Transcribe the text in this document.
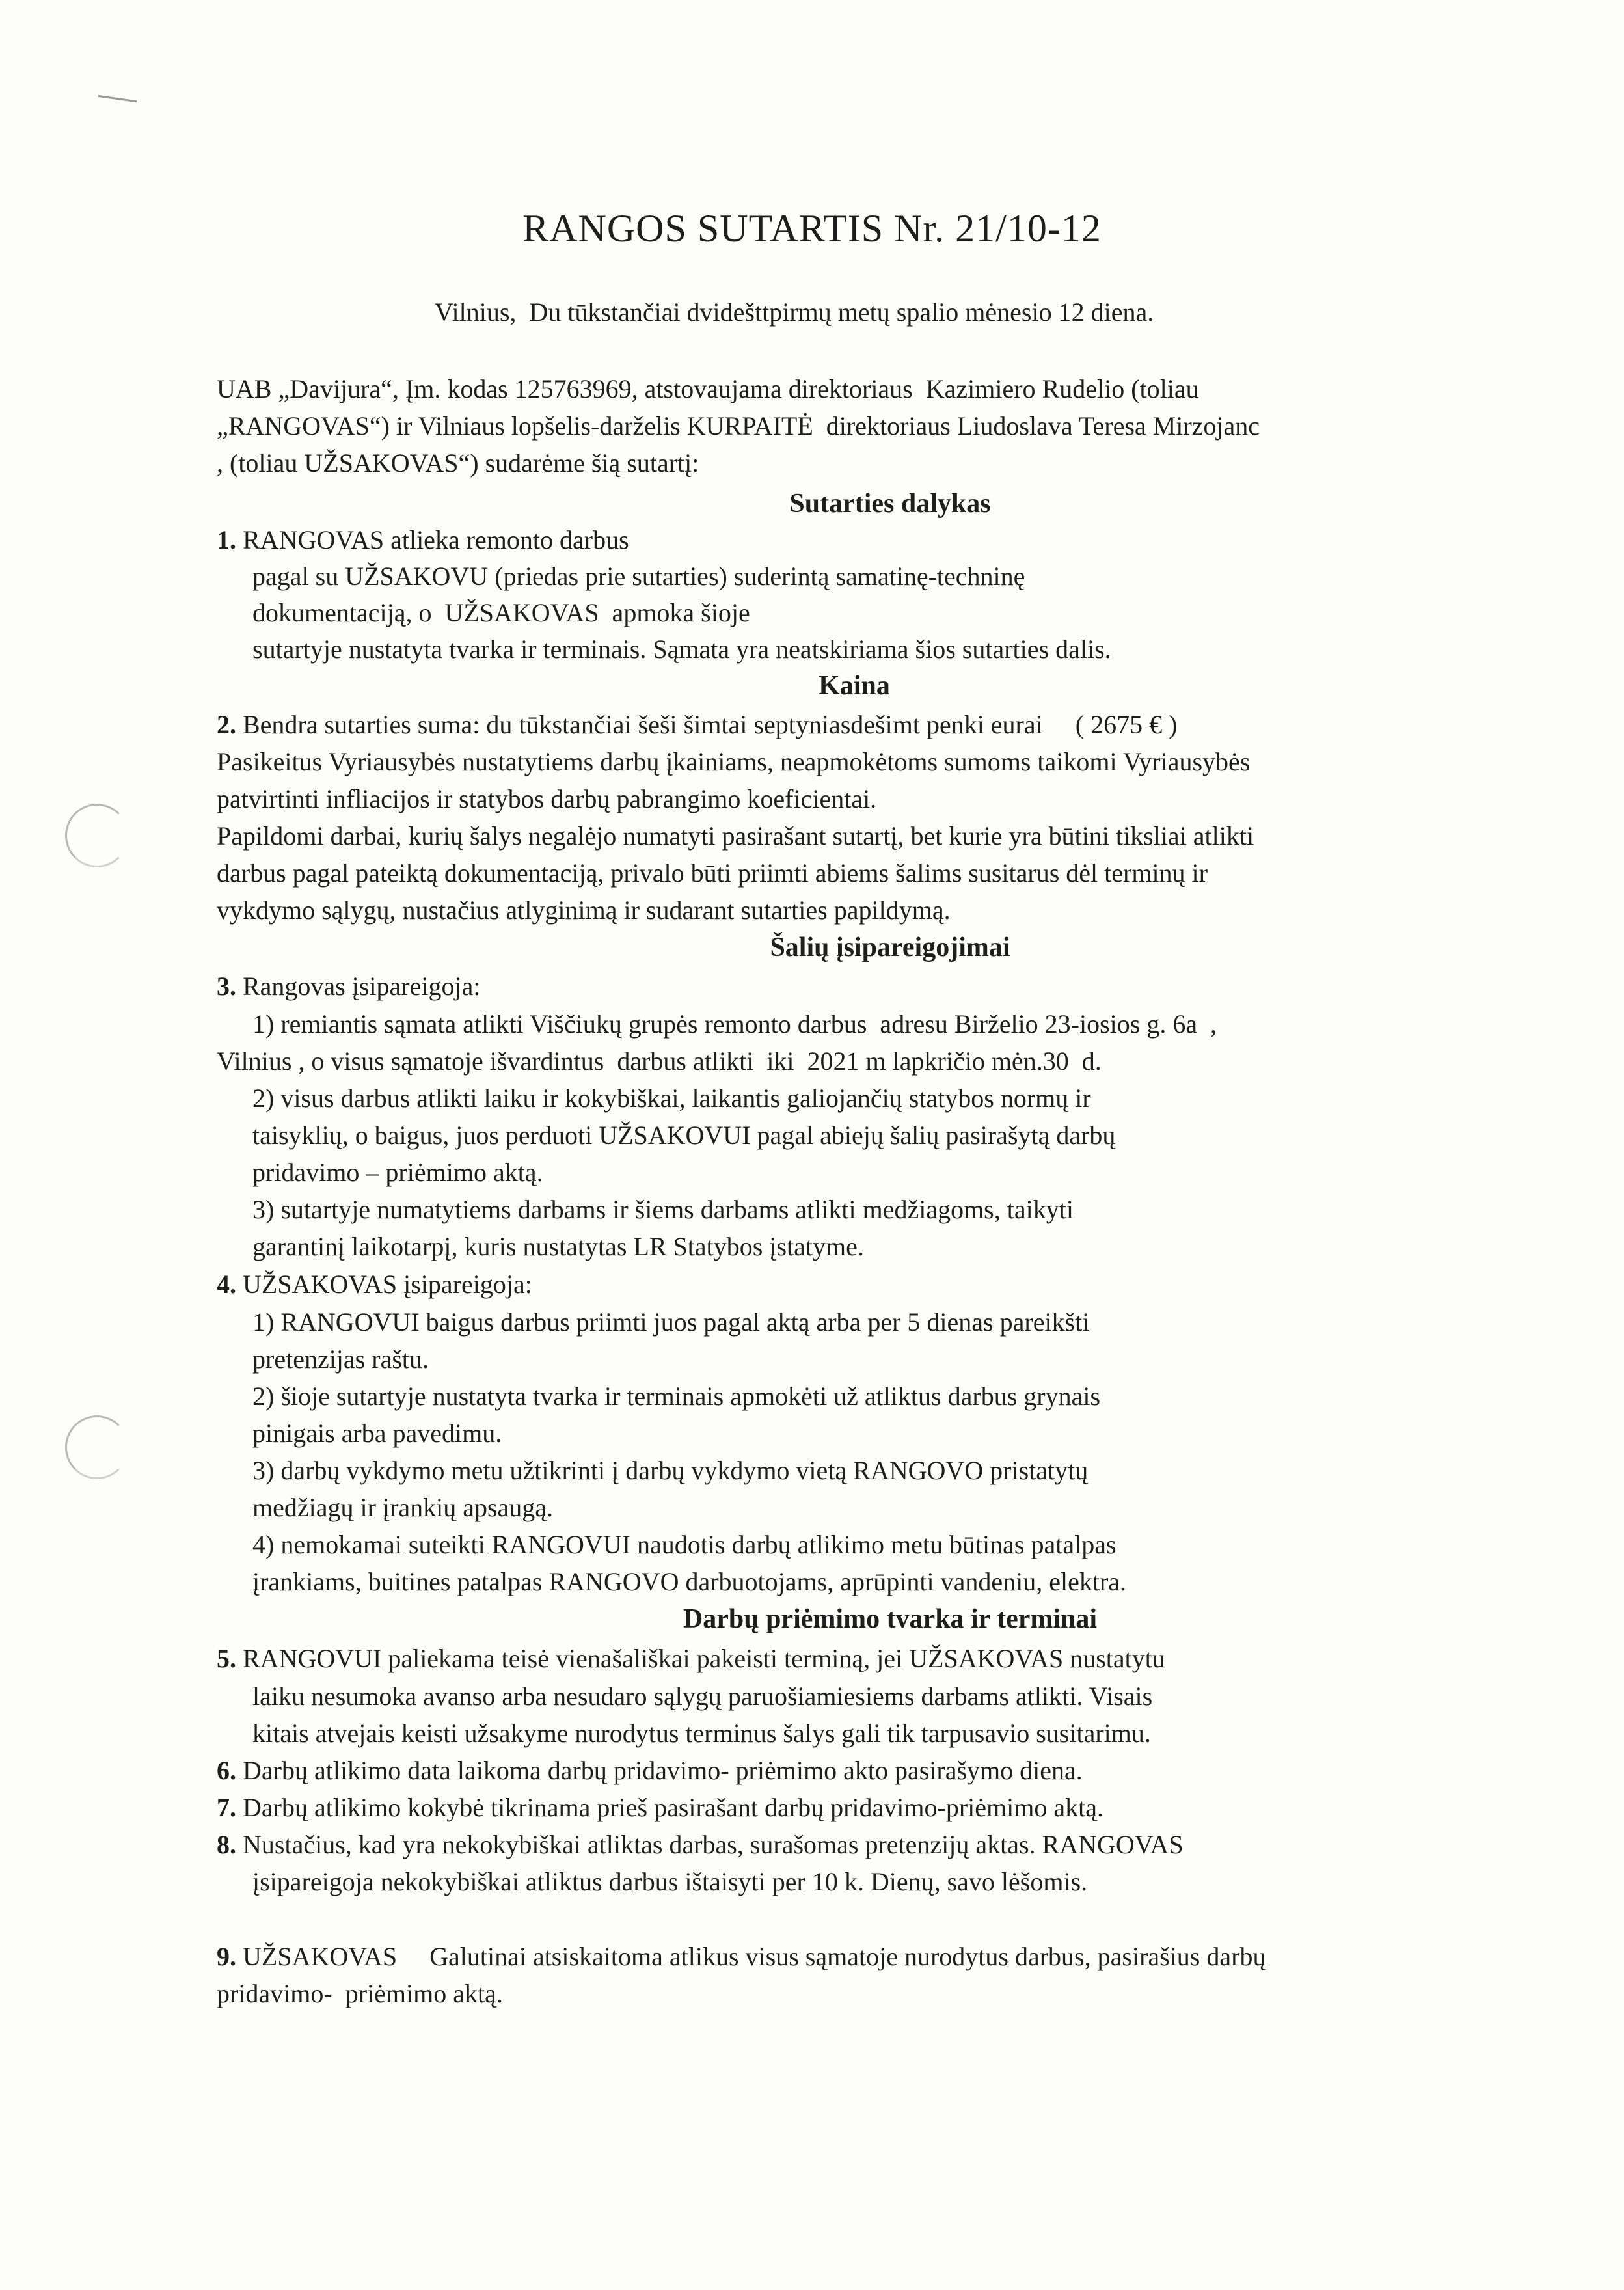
RANGOS SUTARTIS Nr. 21/10-12
Vilnius,  Du tūkstančiai dvidešttpirmų metų spalio mėnesio 12 diena.
UAB „Davijura“, Įm. kodas 125763969, atstovaujama direktoriaus  Kazimiero Rudelio (toliau
„RANGOVAS“) ir Vilniaus lopšelis-darželis KURPAITĖ  direktoriaus Liudoslava Teresa Mirzojanc
, (toliau UŽSAKOVAS“) sudarėme šią sutartį:
Sutarties dalykas
1. RANGOVAS atlieka remonto darbus
pagal su UŽSAKOVU (priedas prie sutarties) suderintą samatinę-techninę
dokumentaciją, o  UŽSAKOVAS  apmoka šioje
sutartyje nustatyta tvarka ir terminais. Sąmata yra neatskiriama šios sutarties dalis.
Kaina
2. Bendra sutarties suma: du tūkstančiai šeši šimtai septyniasdešimt penki eurai     ( 2675 € )
Pasikeitus Vyriausybės nustatytiems darbų įkainiams, neapmokėtoms sumoms taikomi Vyriausybės
patvirtinti infliacijos ir statybos darbų pabrangimo koeficientai.
Papildomi darbai, kurių šalys negalėjo numatyti pasirašant sutartį, bet kurie yra būtini tiksliai atlikti
darbus pagal pateiktą dokumentaciją, privalo būti priimti abiems šalims susitarus dėl terminų ir
vykdymo sąlygų, nustačius atlyginimą ir sudarant sutarties papildymą.
Šalių įsipareigojimai
3. Rangovas įsipareigoja:
1) remiantis sąmata atlikti Viščiukų grupės remonto darbus  adresu Birželio 23-iosios g. 6a  ,
Vilnius , o visus sąmatoje išvardintus  darbus atlikti  iki  2021 m lapkričio mėn.30  d.
2) visus darbus atlikti laiku ir kokybiškai, laikantis galiojančių statybos normų ir
taisyklių, o baigus, juos perduoti UŽSAKOVUI pagal abiejų šalių pasirašytą darbų
pridavimo – priėmimo aktą.
3) sutartyje numatytiems darbams ir šiems darbams atlikti medžiagoms, taikyti
garantinį laikotarpį, kuris nustatytas LR Statybos įstatyme.
4. UŽSAKOVAS įsipareigoja:
1) RANGOVUI baigus darbus priimti juos pagal aktą arba per 5 dienas pareikšti
pretenzijas raštu.
2) šioje sutartyje nustatyta tvarka ir terminais apmokėti už atliktus darbus grynais
pinigais arba pavedimu.
3) darbų vykdymo metu užtikrinti į darbų vykdymo vietą RANGOVO pristatytų
medžiagų ir įrankių apsaugą.
4) nemokamai suteikti RANGOVUI naudotis darbų atlikimo metu būtinas patalpas
įrankiams, buitines patalpas RANGOVO darbuotojams, aprūpinti vandeniu, elektra.
Darbų priėmimo tvarka ir terminai
5. RANGOVUI paliekama teisė vienašališkai pakeisti terminą, jei UŽSAKOVAS nustatytu
laiku nesumoka avanso arba nesudaro sąlygų paruošiamiesiems darbams atlikti. Visais
kitais atvejais keisti užsakyme nurodytus terminus šalys gali tik tarpusavio susitarimu.
6. Darbų atlikimo data laikoma darbų pridavimo- priėmimo akto pasirašymo diena.
7. Darbų atlikimo kokybė tikrinama prieš pasirašant darbų pridavimo-priėmimo aktą.
8. Nustačius, kad yra nekokybiškai atliktas darbas, surašomas pretenzijų aktas. RANGOVAS
įsipareigoja nekokybiškai atliktus darbus ištaisyti per 10 k. Dienų, savo lėšomis.
9. UŽSAKOVAS     Galutinai atsiskaitoma atlikus visus sąmatoje nurodytus darbus, pasirašius darbų
pridavimo-  priėmimo aktą.
